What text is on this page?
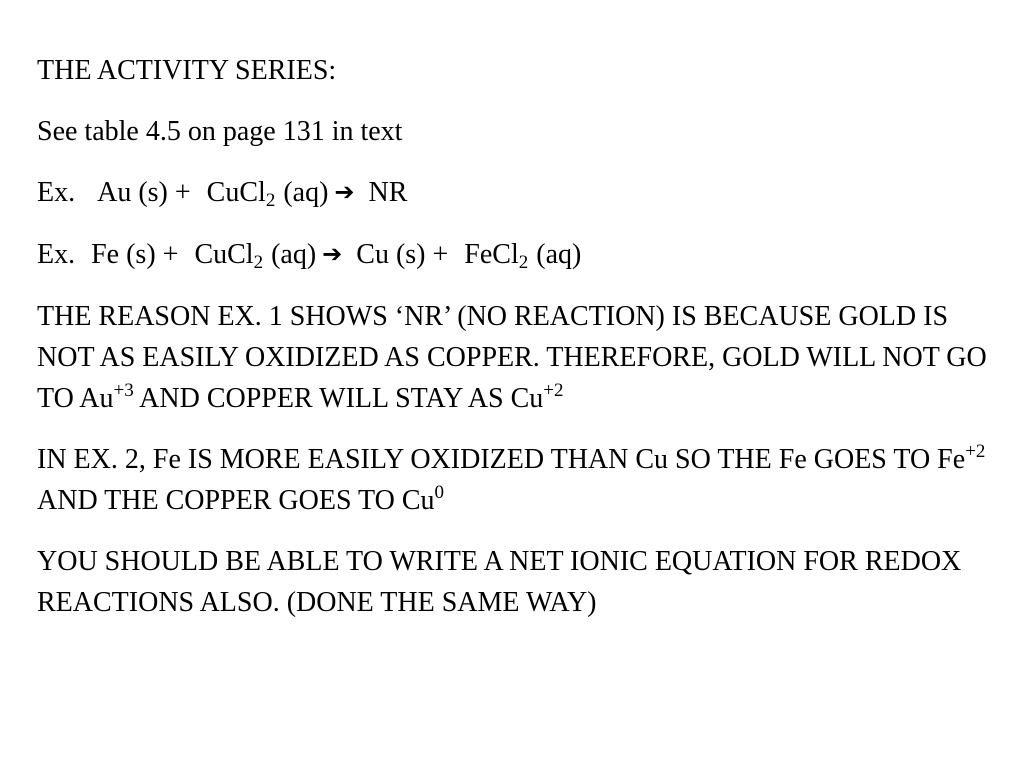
THE ACTIVITY SERIES:

See table 4.5 on page 131 in text

Ex. Au (s) + CuCl$_2$ (aq) ➔ NR

Ex. Fe (s) + CuCl$_2$ (aq) ➔ Cu (s) + FeCl$_2$ (aq)

THE REASON EX. 1 SHOWS ‘NR’ (NO REACTION) IS BECAUSE GOLD IS NOT AS EASILY OXIDIZED AS COPPER. THEREFORE, GOLD WILL NOT GO TO $Au^{+3}$ AND COPPER WILL STAY AS $Cu^{+2}$

IN EX. 2, Fe IS MORE EASILY OXIDIZED THAN Cu SO THE Fe GOES TO $Fe^{+2}$ AND THE COPPER GOES TO Cu$^0$

YOU SHOULD BE ABLE TO WRITE A NET IONIC EQUATION FOR REDOX REACTIONS ALSO. (DONE THE SAME WAY)
